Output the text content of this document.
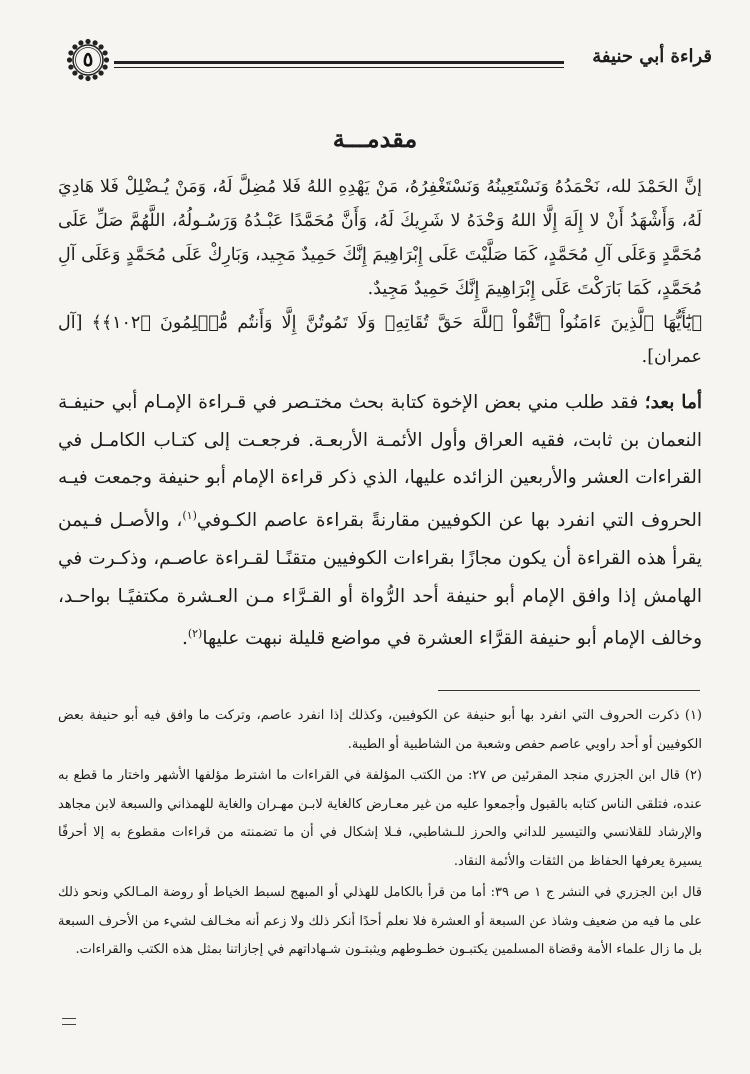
٥	قراءة أبي حنيفة
مقدمـــة

إنَّ الحَمْدَ لله، نَحْمَدُهُ وَنَسْتَعِينُهُ وَنَسْتَغْفِرُهُ، مَنْ يَهْدِهِ اللهُ فَلا مُضِلَّ لَهُ، وَمَنْ يُـضْلِلْ فَلا هَادِيَ لَهُ، وَأَشْهَدُ أَنْ لا إِلَهَ إِلَّا اللهُ وَحْدَهُ لا شَرِيكَ لَهُ، وَأَنَّ مُحَمَّدًا عَبْـدُهُ وَرَسُـولُهُ، اللَّهُمَّ صَلِّ عَلَى مُحَمَّدٍ وَعَلَى آلِ مُحَمَّدٍ، كَمَا صَلَّيْتَ عَلَى إِبْرَاهِيمَ إِنَّكَ حَمِيدٌ مَجِيد، وَبَارِكْ عَلَى مُحَمَّدٍ وَعَلَى آلِ مُحَمَّدٍ، كَمَا بَارَكْتَ عَلَى إِبْرَاهِيمَ إِنَّكَ حَمِيدٌ مَجِيدٌ.

﴿يَٰٓأَيُّهَا ٱلَّذِينَ ءَامَنُواْ ٱتَّقُواْ ٱللَّهَ حَقَّ تُقَاتِهِۦ وَلَا تَمُوتُنَّ إِلَّا وَأَنتُم مُّسۡلِمُونَ ﴿١٠٢﴾﴾ [آل عمران].

أما بعد؛ فقد طلب مني بعض الإخوة كتابة بحث مختـصر في قـراءة الإمـام أبي حنيفـة النعمان بن ثابت، فقيه العراق وأول الأئمـة الأربعـة. فرجعـت إلى كتـاب الكامـل في القراءات العشر والأربعين الزائده عليها، الذي ذكر قراءة الإمام أبو حنيفة وجمعت فيـه الحروف التي انفرد بها عن الكوفيين مقارنةً بقراءة عاصم الكـوفي$^{(١)}$، والأصـل فـيمن يقرأ هذه القراءة أن يكون مجازًا بقراءات الكوفيين متقنًـا لقـراءة عاصـم، وذكـرت في الهامش إذا وافق الإمام أبو حنيفة أحد الرُّواة أو القـرَّاء مـن العـشرة مكتفيًـا بواحـد، وخالف الإمام أبو حنيفة القرَّاء العشرة في مواضع قليلة نبهت عليها$^{(٢)}$.

(١) ذكرت الحروف التي انفرد بها أبو حنيفة عن الكوفيين، وكذلك إذا انفرد عاصم، وتركت ما وافق فيه أبو حنيفة بعض الكوفيين أو أحد راويي عاصم حفص وشعبة من الشاطبية أو الطيبة.

(٢) قال ابن الجزري منجد المقرئين ص ٢٧: من الكتب المؤلفة في القراءات ما اشترط مؤلفها الأشهر واختار ما قطع به عنده، فتلقى الناس كتابه بالقبول وأجمعوا عليه من غير معـارض كالغاية لابـن مهـران والغاية للهمذاني والسبعة لابن مجاهد والإرشاد للقلانسي والتيسير للداني والحرز للـشاطبي، فـلا إشكال في أن ما تضمنته من قراءات مقطوع به إلا أحرفًا يسيرة يعرفها الحفاظ من الثقات والأئمة النقاد.

قال ابن الجزري في النشر ج ١ ص ٣٩: أما من قرأ بالكامل للهذلي أو المبهج لسبط الخياط أو روضة المـالكي ونحو ذلك على ما فيه من ضعيف وشاذ عن السبعة أو العشرة فلا نعلم أحدًا أنكر ذلك ولا زعم أنه مخـالف لشيء من الأحرف السبعة بل ما زال علماء الأمة وقضاة المسلمين يكتبـون خطـوطهم ويثبتـون شـهاداتهم في إجازاتنا بمثل هذه الكتب والقراءات.
